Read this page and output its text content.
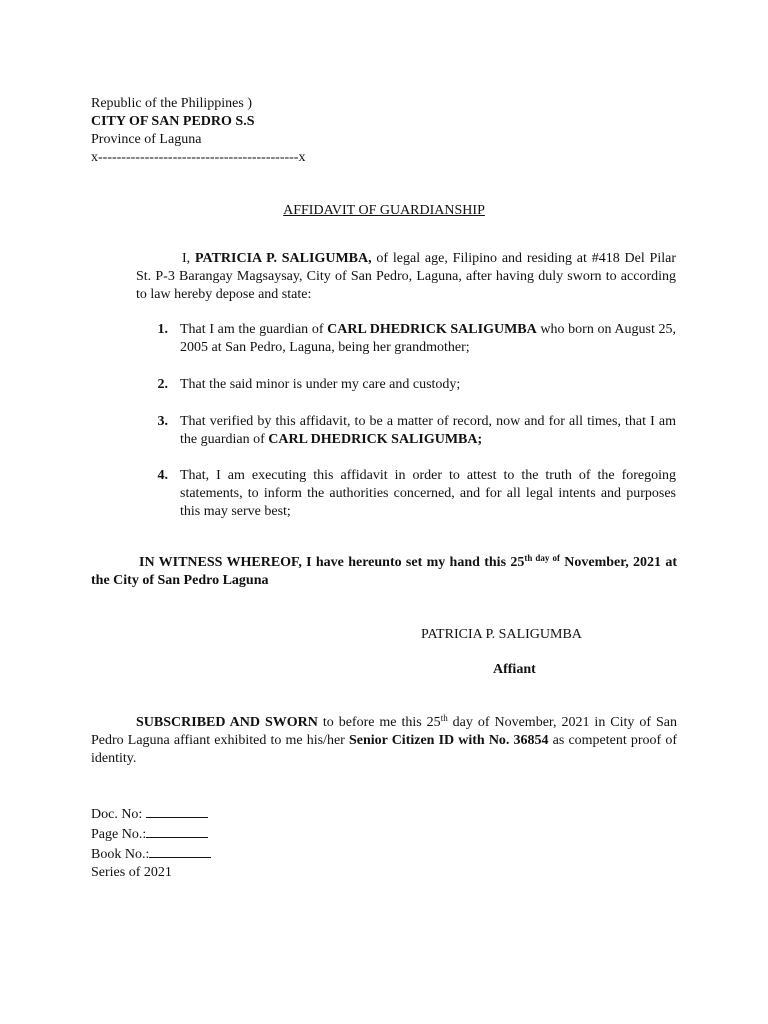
Republic of the Philippines )
CITY OF SAN PEDRO S.S
Province of Laguna
x-------------------------------------------x
AFFIDAVIT OF GUARDIANSHIP
I, PATRICIA P. SALIGUMBA, of legal age, Filipino and residing at #418 Del Pilar St. P-3 Barangay Magsaysay, City of San Pedro, Laguna, after having duly sworn to according to law hereby depose and state:
1. That I am the guardian of CARL DHEDRICK SALIGUMBA who born on August 25, 2005 at San Pedro, Laguna, being her grandmother;
2. That the said minor is under my care and custody;
3. That verified by this affidavit, to be a matter of record, now and for all times, that I am the guardian of CARL DHEDRICK SALIGUMBA;
4. That, I am executing this affidavit in order to attest to the truth of the foregoing statements, to inform the authorities concerned, and for all legal intents and purposes this may serve best;
IN WITNESS WHEREOF, I have hereunto set my hand this $25^{th day of}$ November, 2021 at the City of San Pedro Laguna
PATRICIA P. SALIGUMBA
Affiant
SUBSCRIBED AND SWORN to before me this 25th day of November, 2021 in City of San Pedro Laguna affiant exhibited to me his/her Senior Citizen ID with No. 36854 as competent proof of identity.
Doc. No:
Page No.:
Book No.:
Series of 2021
